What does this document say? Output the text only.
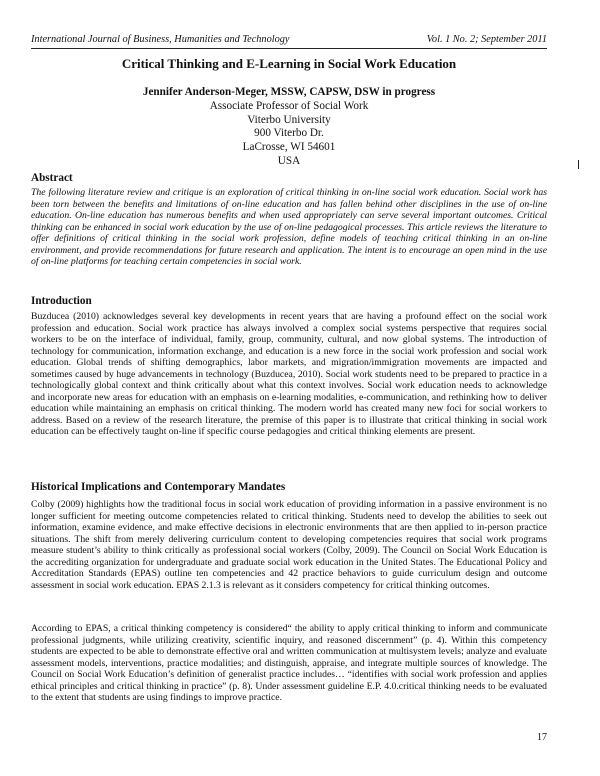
International Journal of Business, Humanities and Technology	Vol. 1 No. 2; September 2011
Critical Thinking and E-Learning in Social Work Education
Jennifer Anderson-Meger, MSSW, CAPSW, DSW in progress
Associate Professor of Social Work
Viterbo University
900 Viterbo Dr.
LaCrosse, WI 54601
USA
Abstract
The following literature review and critique is an exploration of critical thinking in on-line social work education. Social work has been torn between the benefits and limitations of on-line education and has fallen behind other disciplines in the use of on-line education. On-line education has numerous benefits and when used appropriately can serve several important outcomes. Critical thinking can be enhanced in social work education by the use of on-line pedagogical processes. This article reviews the literature to offer definitions of critical thinking in the social work profession, define models of teaching critical thinking in an on-line environment, and provide recommendations for future research and application. The intent is to encourage an open mind in the use of on-line platforms for teaching certain competencies in social work.
Introduction
Buzducea (2010) acknowledges several key developments in recent years that are having a profound effect on the social work profession and education. Social work practice has always involved a complex social systems perspective that requires social workers to be on the interface of individual, family, group, community, cultural, and now global systems. The introduction of technology for communication, information exchange, and education is a new force in the social work profession and social work education. Global trends of shifting demographics, labor markets, and migration/immigration movements are impacted and sometimes caused by huge advancements in technology (Buzducea, 2010). Social work students need to be prepared to practice in a technologically global context and think critically about what this context involves. Social work education needs to acknowledge and incorporate new areas for education with an emphasis on e-learning modalities, e-communication, and rethinking how to deliver education while maintaining an emphasis on critical thinking. The modern world has created many new foci for social workers to address. Based on a review of the research literature, the premise of this paper is to illustrate that critical thinking in social work education can be effectively taught on-line if specific course pedagogies and critical thinking elements are present.
Historical Implications and Contemporary Mandates
Colby (2009) highlights how the traditional focus in social work education of providing information in a passive environment is no longer sufficient for meeting outcome competencies related to critical thinking. Students need to develop the abilities to seek out information, examine evidence, and make effective decisions in electronic environments that are then applied to in-person practice situations. The shift from merely delivering curriculum content to developing competencies requires that social work programs measure student’s ability to think critically as professional social workers (Colby, 2009). The Council on Social Work Education is the accrediting organization for undergraduate and graduate social work education in the United States. The Educational Policy and Accreditation Standards (EPAS) outline ten competencies and 42 practice behaviors to guide curriculum design and outcome assessment in social work education. EPAS 2.1.3 is relevant as it considers competency for critical thinking outcomes.
According to EPAS, a critical thinking competency is considered“ the ability to apply critical thinking to inform and communicate professional judgments, while utilizing creativity, scientific inquiry, and reasoned discernment” (p. 4). Within this competency students are expected to be able to demonstrate effective oral and written communication at multisystem levels; analyze and evaluate assessment models, interventions, practice modalities; and distinguish, appraise, and integrate multiple sources of knowledge. The Council on Social Work Education’s definition of generalist practice includes… “identifies with social work profession and applies ethical principles and critical thinking in practice” (p. 8). Under assessment guideline E.P. 4.0.critical thinking needs to be evaluated to the extent that students are using findings to improve practice.
17
